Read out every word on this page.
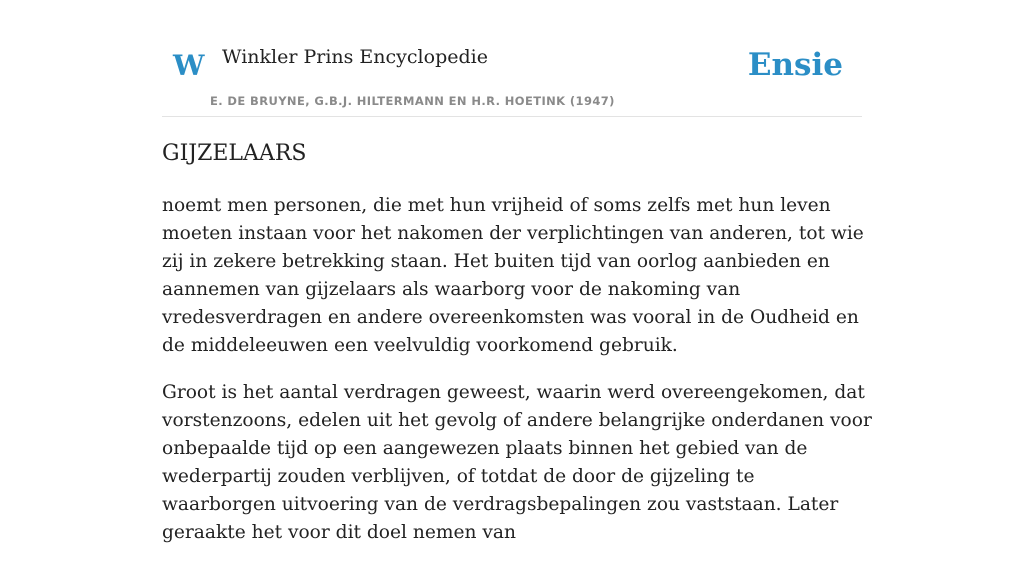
W Winkler Prins Encyclopedie
E. DE BRUYNE, G.B.J. HILTERMANN EN H.R. HOETINK (1947)
Ensie
GIJZELAARS

noemt men personen, die met hun vrijheid of soms zelfs met hun leven moeten instaan voor het nakomen der verplichtingen van anderen, tot wie zij in zekere betrekking staan. Het buiten tijd van oorlog aanbieden en aannemen van gijzelaars als waarborg voor de nakoming van vredesverdragen en andere overeenkomsten was vooral in de Oudheid en de middeleeuwen een veelvuldig voorkomend gebruik.

Groot is het aantal verdragen geweest, waarin werd overeengekomen, dat vorstenzoons, edelen uit het gevolg of andere belangrijke onderdanen voor onbepaalde tijd op een aangewezen plaats binnen het gebied van de wederpartij zouden verblijven, of totdat de door de gijzeling te waarborgen uitvoering van de verdragsbepalingen zou vaststaan. Later geraakte het voor dit doel nemen van
